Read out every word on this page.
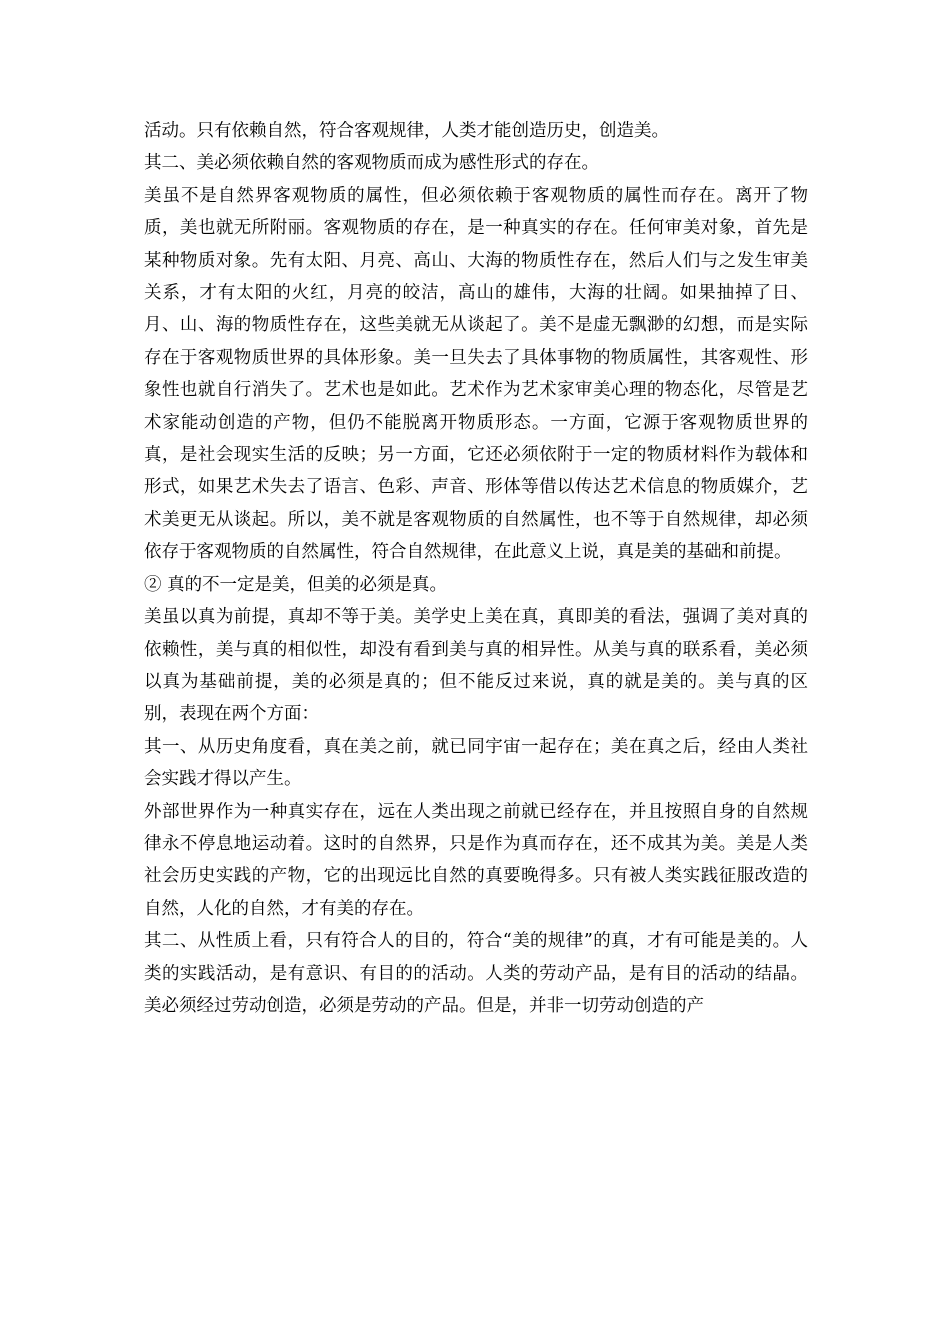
活动。只有依赖自然，符合客观规律，人类才能创造历史，创造美。

其二、美必须依赖自然的客观物质而成为感性形式的存在。

美虽不是自然界客观物质的属性，但必须依赖于客观物质的属性而存在。离开了物质，美也就无所附丽。客观物质的存在，是一种真实的存在。任何审美对象，首先是某种物质对象。先有太阳、月亮、高山、大海的物质性存在，然后人们与之发生审美关系，才有太阳的火红，月亮的皎洁，高山的雄伟，大海的壮阔。如果抽掉了日、月、山、海的物质性存在，这些美就无从谈起了。美不是虚无飘渺的幻想，而是实际存在于客观物质世界的具体形象。美一旦失去了具体事物的物质属性，其客观性、形象性也就自行消失了。艺术也是如此。艺术作为艺术家审美心理的物态化，尽管是艺术家能动创造的产物，但仍不能脱离开物质形态。一方面，它源于客观物质世界的真，是社会现实生活的反映；另一方面，它还必须依附于一定的物质材料作为载体和形式，如果艺术失去了语言、色彩、声音、形体等借以传达艺术信息的物质媒介，艺术美更无从谈起。所以，美不就是客观物质的自然属性，也不等于自然规律，却必须依存于客观物质的自然属性，符合自然规律，在此意义上说，真是美的基础和前提。

② 真的不一定是美，但美的必须是真。

美虽以真为前提，真却不等于美。美学史上美在真，真即美的看法，强调了美对真的依赖性，美与真的相似性，却没有看到美与真的相异性。从美与真的联系看，美必须以真为基础前提，美的必须是真的；但不能反过来说，真的就是美的。美与真的区别，表现在两个方面：

其一、从历史角度看，真在美之前，就已同宇宙一起存在；美在真之后，经由人类社会实践才得以产生。

外部世界作为一种真实存在，远在人类出现之前就已经存在，并且按照自身的自然规律永不停息地运动着。这时的自然界，只是作为真而存在，还不成其为美。美是人类社会历史实践的产物，它的出现远比自然的真要晚得多。只有被人类实践征服改造的自然，人化的自然，才有美的存在。

其二、从性质上看，只有符合人的目的，符合“美的规律”的真，才有可能是美的。人类的实践活动，是有意识、有目的的活动。人类的劳动产品，是有目的活动的结晶。美必须经过劳动创造，必须是劳动的产品。但是，并非一切劳动创造的产
